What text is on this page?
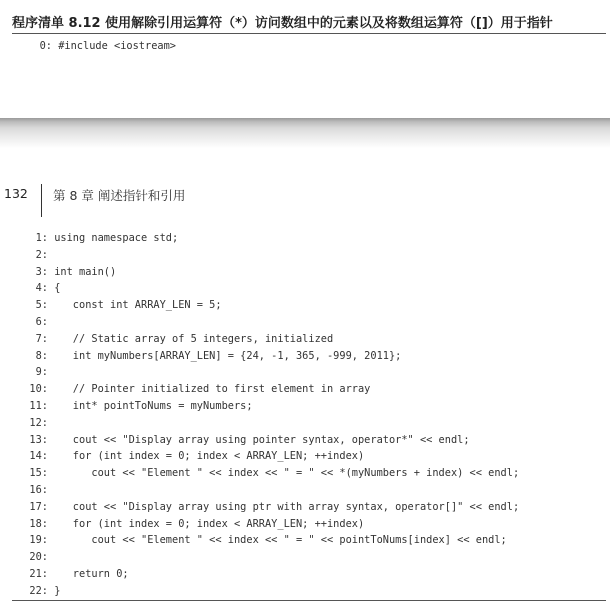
程序清单 8.12 使用解除引用运算符（*）访问数组中的元素以及将数组运算符（[]）用于指针

0: #include <iostream>

132 第 8 章 阐述指针和引用
1: using namespace std;
2:
3: int main()
4: {
5:    const int ARRAY_LEN = 5;
6:
7:    // Static array of 5 integers, initialized
8:    int myNumbers[ARRAY_LEN] = {24, -1, 365, -999, 2011};
9:
10:    // Pointer initialized to first element in array
11:    int* pointToNums = myNumbers;
12:
13:    cout << "Display array using pointer syntax, operator*" << endl;
14:    for (int index = 0; index < ARRAY_LEN; ++index)
15:       cout << "Element " << index << " = " << *(myNumbers + index) << endl;
16:
17:    cout << "Display array using ptr with array syntax, operator[]" << endl;
18:    for (int index = 0; index < ARRAY_LEN; ++index)
19:       cout << "Element " << index << " = " << pointToNums[index] << endl;
20:
21:    return 0;
22: }
